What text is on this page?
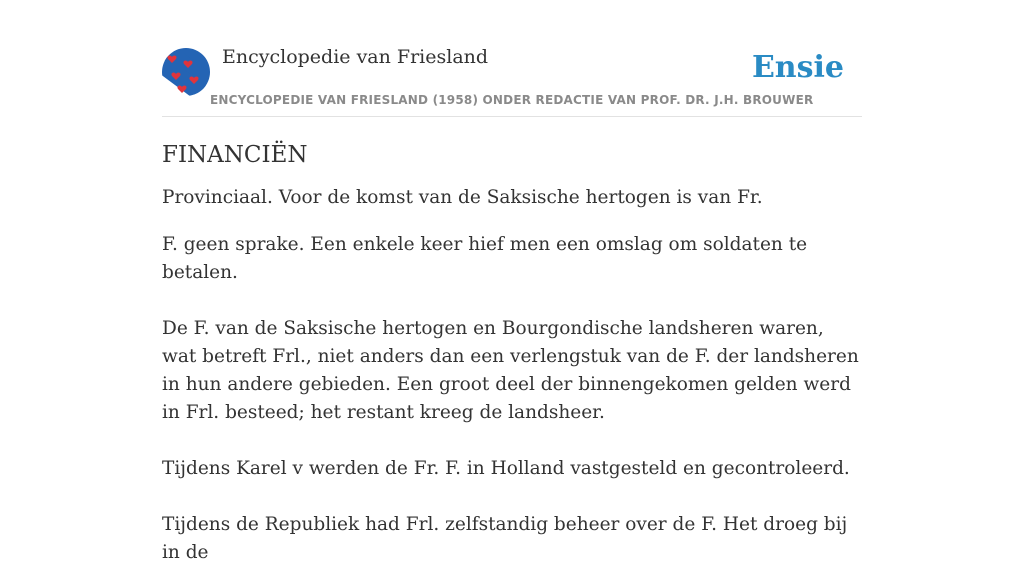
Encyclopedie van Friesland
ENCYCLOPEDIE VAN FRIESLAND (1958) ONDER REDACTIE VAN PROF. DR. J.H. BROUWER
Ensie
FINANCIËN

Provinciaal. Voor de komst van de Saksische hertogen is van Fr.

F. geen sprake. Een enkele keer hief men een omslag om soldaten te betalen.

De F. van de Saksische hertogen en Bourgondische landsheren waren, wat betreft Frl., niet anders dan een verlengstuk van de F. der landsheren in hun andere gebieden. Een groot deel der binnengekomen gelden werd in Frl. besteed; het restant kreeg de landsheer.

Tijdens Karel v werden de Fr. F. in Holland vastgesteld en gecontroleerd.

Tijdens de Republiek had Frl. zelfstandig beheer over de F. Het droeg bij in de
